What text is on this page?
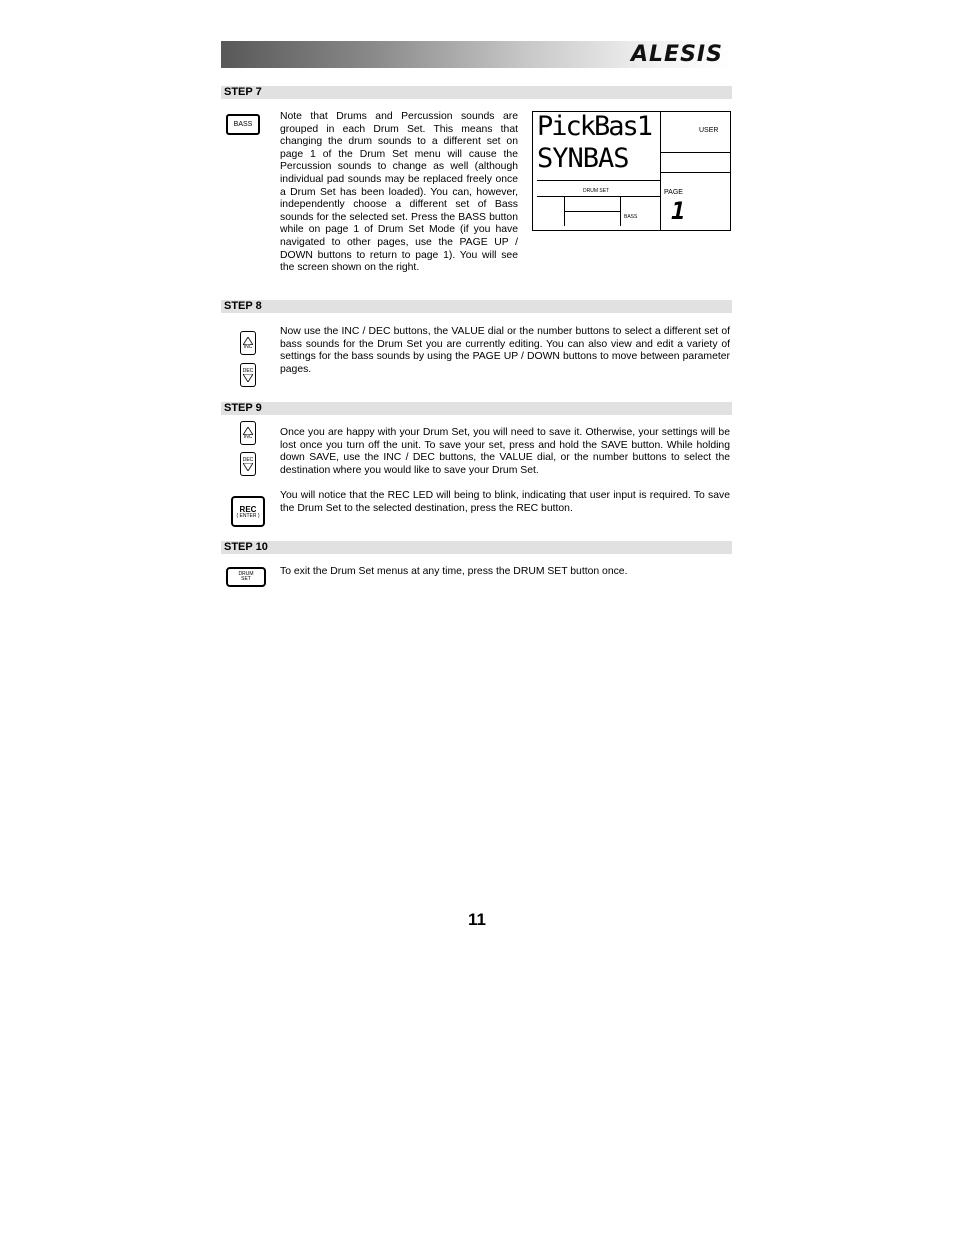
ALESIS
STEP 7
BASS

Note that Drums and Percussion sounds are grouped in each Drum Set. This means that changing the drum sounds to a different set on page 1 of the Drum Set menu will cause the Percussion sounds to change as well (although individual pad sounds may be replaced freely once a Drum Set has been loaded). You can, however, independently choose a different set of Bass sounds for the selected set. Press the BASS button while on page 1 of Drum Set Mode (if you have navigated to other pages, use the PAGE UP / DOWN buttons to return to page 1). You will see the screen shown on the right.

PickBas1
SYNBAS
USER
DRUM SET
BASS
PAGE
1
STEP 8
INC
DEC

Now use the INC / DEC buttons, the VALUE dial or the number buttons to select a different set of bass sounds for the Drum Set you are currently editing. You can also view and edit a variety of settings for the bass sounds by using the PAGE UP / DOWN buttons to move between parameter pages.

STEP 9
INC
DEC

Once you are happy with your Drum Set, you will need to save it. Otherwise, your settings will be lost once you turn off the unit. To save your set, press and hold the SAVE button. While holding down SAVE, use the INC / DEC buttons, the VALUE dial, or the number buttons to select the destination where you would like to save your Drum Set.

REC
( ENTER )

You will notice that the REC LED will being to blink, indicating that user input is required. To save the Drum Set to the selected destination, press the REC button.

STEP 10
DRUM
SET

To exit the Drum Set menus at any time, press the DRUM SET button once.

11
